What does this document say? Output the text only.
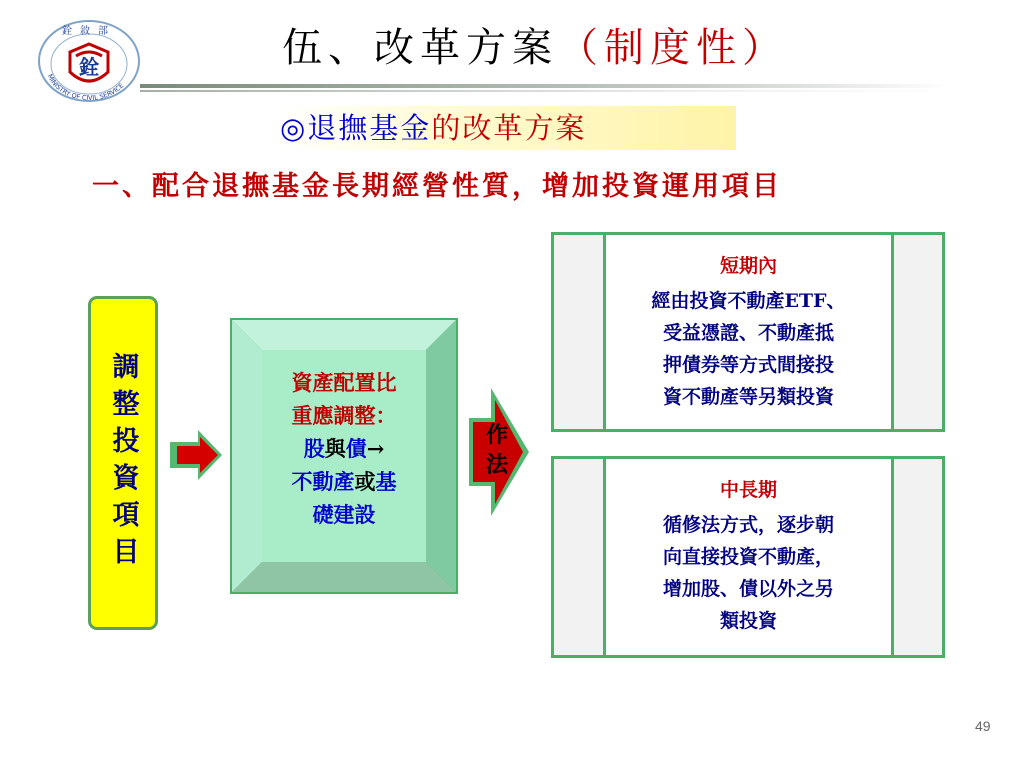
銓
銓敘部
MINISTRY OF CIVIL SERVICE
伍、改革方案（制度性）
◎退撫基金的改革方案
一、配合退撫基金長期經營性質，增加投資運用項目
調整投資項目	資產配置比
重應調整：
股與債→
不動產或基
礎建設
作法
短期內
經由投資不動產ETF、
受益憑證、不動產抵
押債券等方式間接投
資不動產等另類投資
中長期
循修法方式，逐步朝
向直接投資不動產，
增加股、債以外之另
類投資
49
